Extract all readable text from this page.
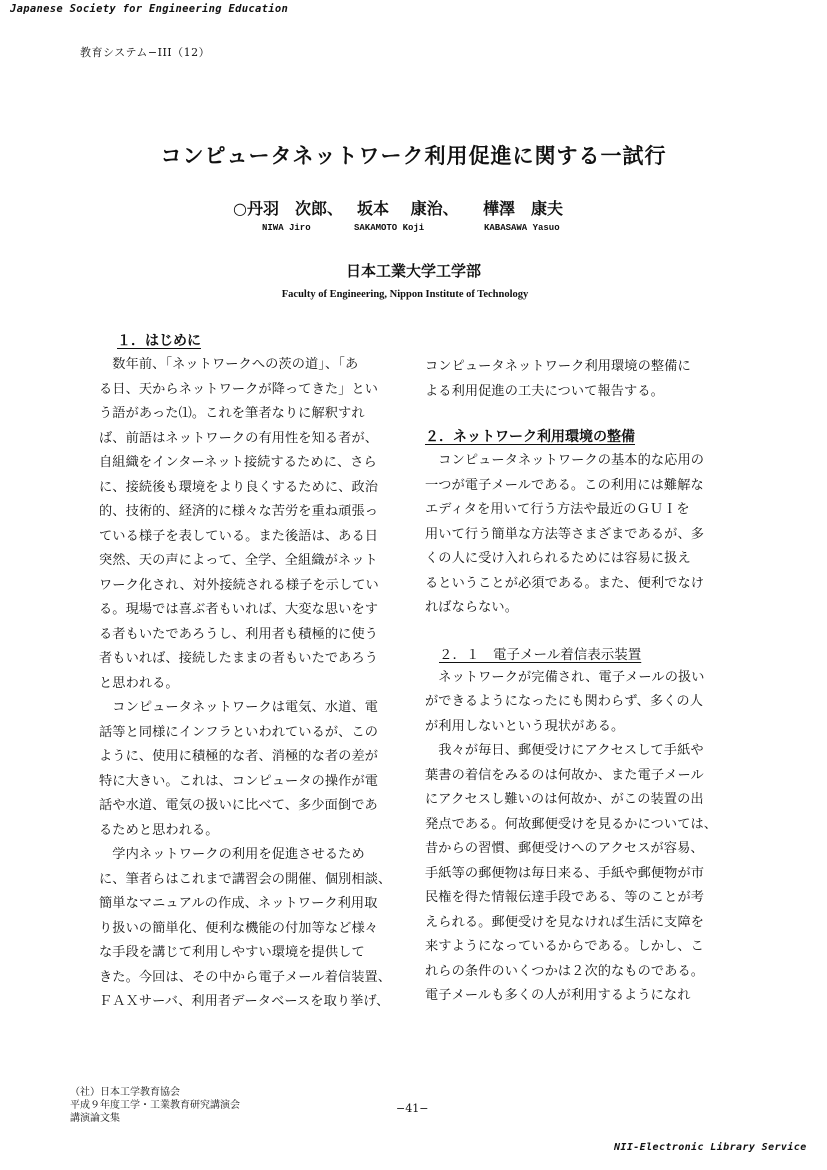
Japanese Society for Engineering Education
教育システム−III（12）
コンピュータネットワーク利用促進に関する一試行
○丹羽　次郎、 坂本　 康治、 樺澤　康夫
NIWA Jiro	SAKAMOTO Koji	KABASAWA Yasuo
日本工業大学工学部
Faculty of Engineering, Nippon Institute of Technology
１．はじめに
　数年前、「ネットワークへの茨の道」、「あ
る日、天からネットワークが降ってきた」とい
う語があった⑴。これを筆者なりに解釈すれ
ば、前語はネットワークの有用性を知る者が、
自組織をインターネット接続するために、さら
に、接続後も環境をより良くするために、政治
的、技術的、経済的に様々な苦労を重ね頑張っ
ている様子を表している。また後語は、ある日
突然、天の声によって、全学、全組織がネット
ワーク化され、対外接続される様子を示してい
る。現場では喜ぶ者もいれば、大変な思いをす
る者もいたであろうし、利用者も積極的に使う
者もいれば、接続したままの者もいたであろう
と思われる。
　コンピュータネットワークは電気、水道、電
話等と同様にインフラといわれているが、この
ように、使用に積極的な者、消極的な者の差が
特に大きい。これは、コンピュータの操作が電
話や水道、電気の扱いに比べて、多少面倒であ
るためと思われる。
　学内ネットワークの利用を促進させるため
に、筆者らはこれまで講習会の開催、個別相談、
簡単なマニュアルの作成、ネットワーク利用取
り扱いの簡単化、便利な機能の付加等など様々
な手段を講じて利用しやすい環境を提供して
きた。今回は、その中から電子メール着信装置、
ＦＡＸサーバ、利用者データベースを取り挙げ、
コンピュータネットワーク利用環境の整備に
よる利用促進の工夫について報告する。
２．ネットワーク利用環境の整備
　コンピュータネットワークの基本的な応用の
一つが電子メールである。この利用には難解な
エディタを用いて行う方法や最近のＧＵＩを
用いて行う簡単な方法等さまざまであるが、多
くの人に受け入れられるためには容易に扱え
るということが必須である。また、便利でなけ
ればならない。
２．１　電子メール着信表示装置
　ネットワークが完備され、電子メールの扱い
ができるようになったにも関わらず、多くの人
が利用しないという現状がある。
　我々が毎日、郵便受けにアクセスして手紙や
葉書の着信をみるのは何故か、また電子メール
にアクセスし難いのは何故か、がこの装置の出
発点である。何故郵便受けを見るかについては、
昔からの習慣、郵便受けへのアクセスが容易、
手紙等の郵便物は毎日来る、手紙や郵便物が市
民権を得た情報伝達手段である、等のことが考
えられる。郵便受けを見なければ生活に支障を
来すようになっているからである。しかし、こ
れらの条件のいくつかは２次的なものである。
電子メールも多くの人が利用するようになれ
（社）日本工学教育協会
平成９年度工学・工業教育研究講演会
講演論文集
−41−
NII-Electronic Library Service
